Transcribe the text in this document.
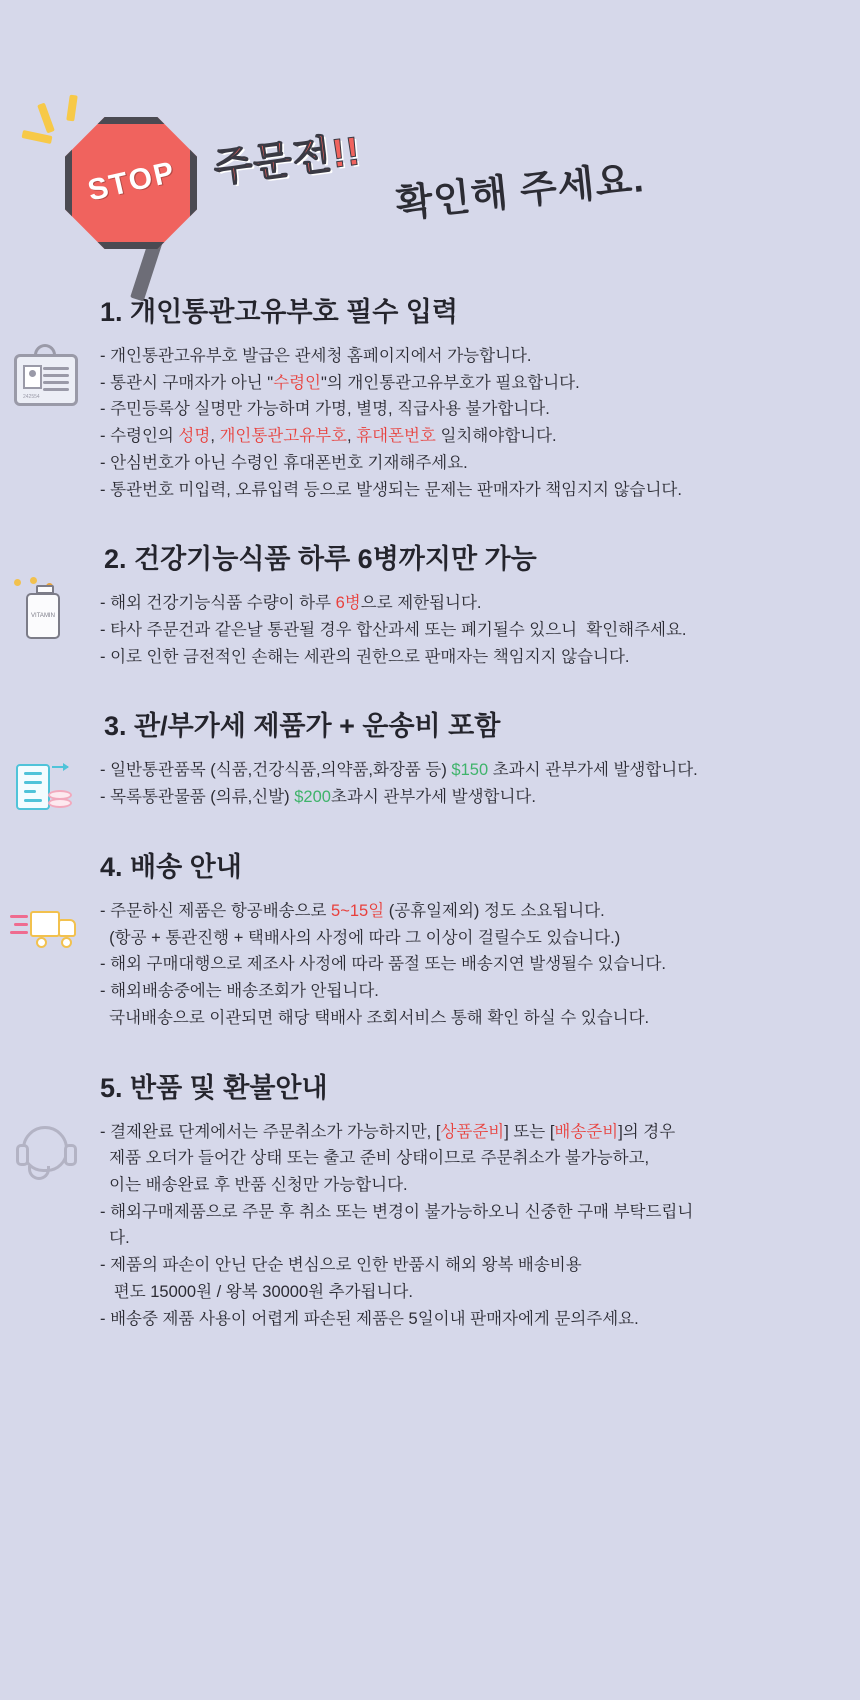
STOP 주문전!! 확인해 주세요.
242554
1. 개인통관고유부호 필수 입력
- 개인통관고유부호 발급은 관세청 홈페이지에서 가능합니다.
- 통관시 구매자가 아닌 "수령인"의 개인통관고유부호가 필요합니다.
- 주민등록상 실명만 가능하며 가명, 별명, 직급사용 불가합니다.
- 수령인의 성명, 개인통관고유부호, 휴대폰번호 일치해야합니다.
- 안심번호가 아닌 수령인 휴대폰번호 기재해주세요.
- 통관번호 미입력, 오류입력 등으로 발생되는 문제는 판매자가 책임지지 않습니다.
VITAMIN
2. 건강기능식품 하루 6병까지만 가능
- 해외 건강기능식품 수량이 하루 6병으로 제한됩니다.
- 타사 주문건과 같은날 통관될 경우 합산과세 또는 폐기될수 있으니  확인해주세요.
- 이로 인한 금전적인 손해는 세관의 권한으로 판매자는 책임지지 않습니다.
3. 관/부가세 제품가 + 운송비 포함
- 일반통관품목 (식품,건강식품,의약품,화장품 등) $150 초과시 관부가세 발생합니다.
- 목록통관물품 (의류,신발) $200초과시 관부가세 발생합니다.
4. 배송 안내
- 주문하신 제품은 항공배송으로 5~15일 (공휴일제외) 정도 소요됩니다.
(항공 + 통관진행 + 택배사의 사정에 따라 그 이상이 걸릴수도 있습니다.)
- 해외 구매대행으로 제조사 사정에 따라 품절 또는 배송지연 발생될수 있습니다.
- 해외배송중에는 배송조회가 안됩니다.
국내배송으로 이관되면 해당 택배사 조회서비스 통해 확인 하실 수 있습니다.
5. 반품 및 환불안내
- 결제완료 단계에서는 주문취소가 가능하지만, [상품준비] 또는 [배송준비]의 경우
제품 오더가 들어간 상태 또는 출고 준비 상태이므로 주문취소가 불가능하고,
이는 배송완료 후 반품 신청만 가능합니다.
- 해외구매제품으로 주문 후 취소 또는 변경이 불가능하오니 신중한 구매 부탁드립니
다.
- 제품의 파손이 안닌 단순 변심으로 인한 반품시 해외 왕복 배송비용
편도 15000원 / 왕복 30000원 추가됩니다.
- 배송중 제품 사용이 어렵게 파손된 제품은 5일이내 판매자에게 문의주세요.
